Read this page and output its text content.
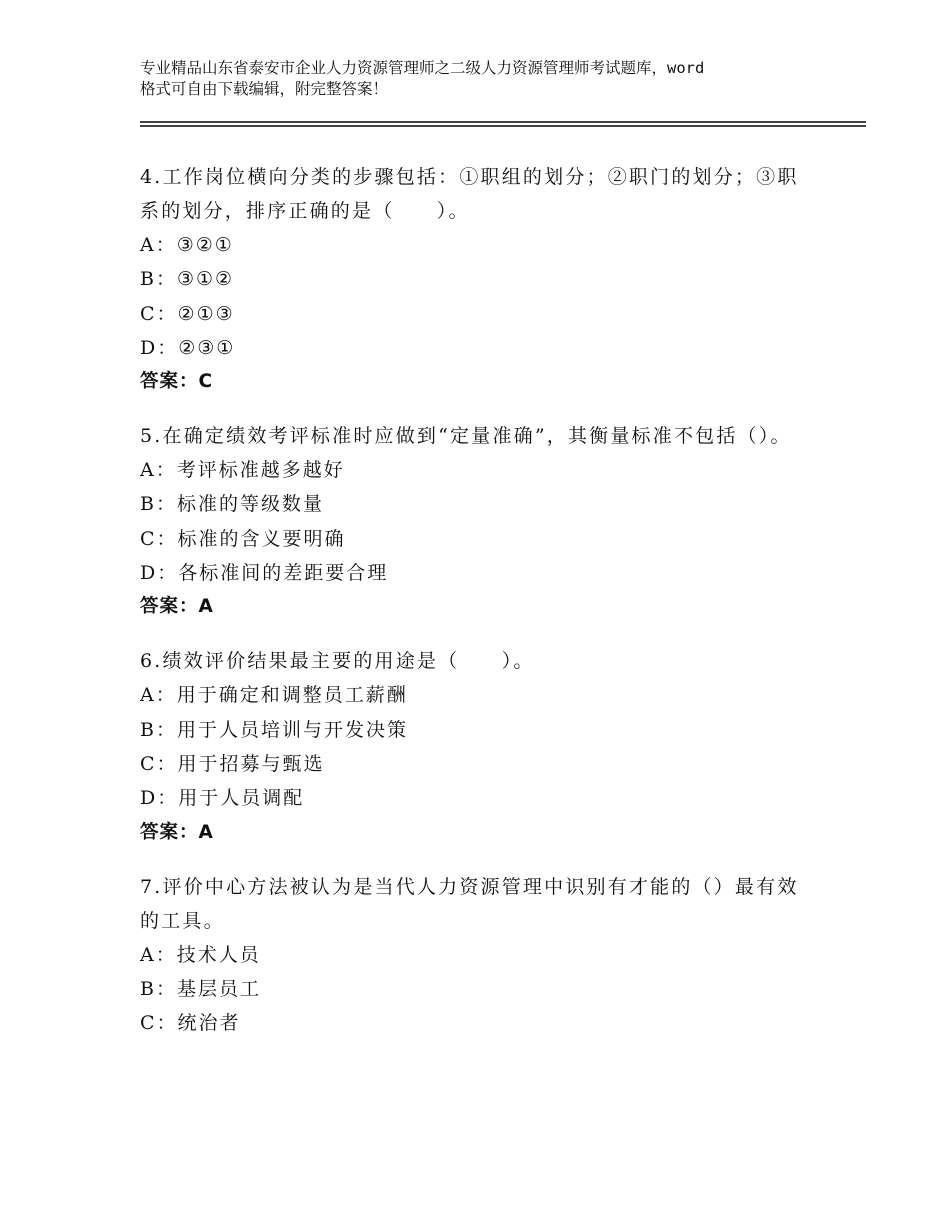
专业精品山东省泰安市企业人力资源管理师之二级人力资源管理师考试题库，word
格式可自由下载编辑，附完整答案！

4.工作岗位横向分类的步骤包括：①职组的划分；②职门的划分；③职系的划分，排序正确的是（　　）。

A：③②①
B：③①②
C：②①③
D：②③①
答案：C

5.在确定绩效考评标准时应做到“定量准确”，其衡量标准不包括（）。

A：考评标准越多越好
B：标准的等级数量
C：标准的含义要明确
D：各标准间的差距要合理
答案：A

6.绩效评价结果最主要的用途是（　　）。

A：用于确定和调整员工薪酬
B：用于人员培训与开发决策
C：用于招募与甄选
D：用于人员调配
答案：A

7.评价中心方法被认为是当代人力资源管理中识别有才能的（）最有效的工具。

A：技术人员
B：基层员工
C：统治者
